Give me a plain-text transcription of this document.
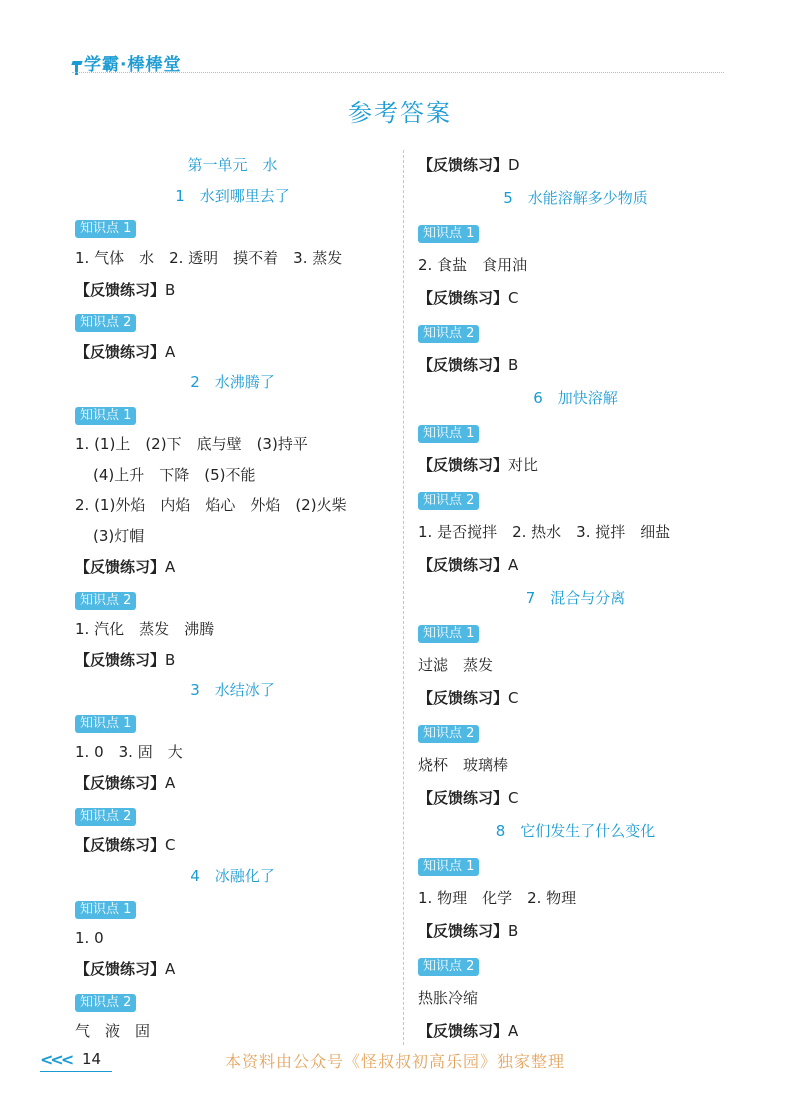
学霸·棒棒堂
参考答案
第一单元　水
1　水到哪里去了
知识点 1
1. 气体　水　2. 透明　摸不着　3. 蒸发
【反馈练习】B
知识点 2
【反馈练习】A
2　水沸腾了
知识点 1
1. (1)上　(2)下　底与壁　(3)持平
(4)上升　下降　(5)不能
2. (1)外焰　内焰　焰心　外焰　(2)火柴
(3)灯帽
【反馈练习】A
知识点 2
1. 汽化　蒸发　沸腾
【反馈练习】B
3　水结冰了
知识点 1
1. 0　3. 固　大
【反馈练习】A
知识点 2
【反馈练习】C
4　冰融化了
知识点 1
1. 0
【反馈练习】A
知识点 2
气　液　固
【反馈练习】D
5　水能溶解多少物质
知识点 1
2. 食盐　食用油
【反馈练习】C
知识点 2
【反馈练习】B
6　加快溶解
知识点 1
【反馈练习】对比
知识点 2
1. 是否搅拌　2. 热水　3. 搅拌　细盐
【反馈练习】A
7　混合与分离
知识点 1
过滤　蒸发
【反馈练习】C
知识点 2
烧杯　玻璃棒
【反馈练习】C
8　它们发生了什么变化
知识点 1
1. 物理　化学　2. 物理
【反馈练习】B
知识点 2
热胀冷缩
【反馈练习】A
<<< 14	本资料由公众号《怪叔叔初高乐园》独家整理
